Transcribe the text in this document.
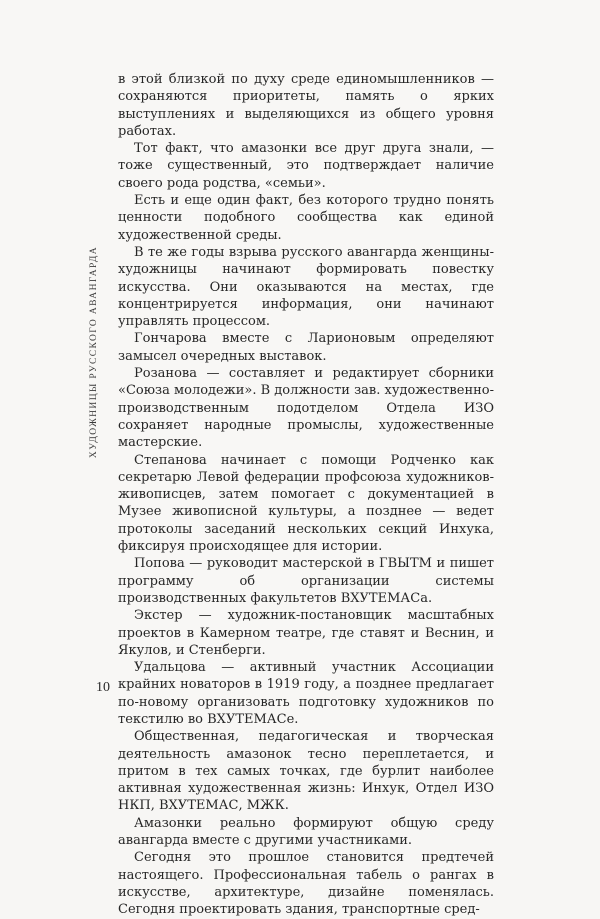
ХУДОЖНИЦЫ РУССКОГО АВАНГАРДА

в этой близкой по духу среде единомышленников — сохраняются приоритеты, память о ярких выступлениях и выделяющихся из общего уровня работах.

Тот факт, что амазонки все друг друга знали, — тоже существенный, это подтверждает наличие своего рода родства, «семьи».

Есть и еще один факт, без которого трудно понять ценности подобного сообщества как единой художественной среды.

В те же годы взрыва русского авангарда женщины-художницы начинают формировать повестку искусства. Они оказываются на местах, где концентрируется информация, они начинают управлять процессом.

Гончарова вместе с Ларионовым определяют замысел очередных выставок.

Розанова — составляет и редактирует сборники «Союза молодежи». В должности зав. художественно-производственным подотделом Отдела ИЗО сохраняет народные промыслы, художественные мастерские.

Степанова начинает с помощи Родченко как секретарю Левой федерации профсоюза художников-живописцев, затем помогает с документацией в Музее живописной культуры, а позднее — ведет протоколы заседаний нескольких секций Инхука, фиксируя происходящее для истории.

Попова — руководит мастерской в ГВЫТМ и пишет программу об организации системы производственных факультетов ВХУТЕМАСа.

Экстер — художник-постановщик масштабных проектов в Камерном театре, где ставят и Веснин, и Якулов, и Стенберги.

Удальцова — активный участник Ассоциации крайних новаторов в 1919 году, а позднее предлагает по-новому организовать подготовку художников по текстилю во ВХУТЕМАСе.

Общественная, педагогическая и творческая деятельность амазонок тесно переплетается, и притом в тех самых точках, где бурлит наиболее активная художественная жизнь: Инхук, Отдел ИЗО НКП, ВХУТЕМАС, МЖК.

Амазонки реально формируют общую среду авангарда вместе с другими участниками.

Сегодня это прошлое становится предтечей настоящего. Профессиональная табель о рангах в искусстве, архитектуре, дизайне поменялась. Сегодня проектировать здания, транспортные сред-

10
